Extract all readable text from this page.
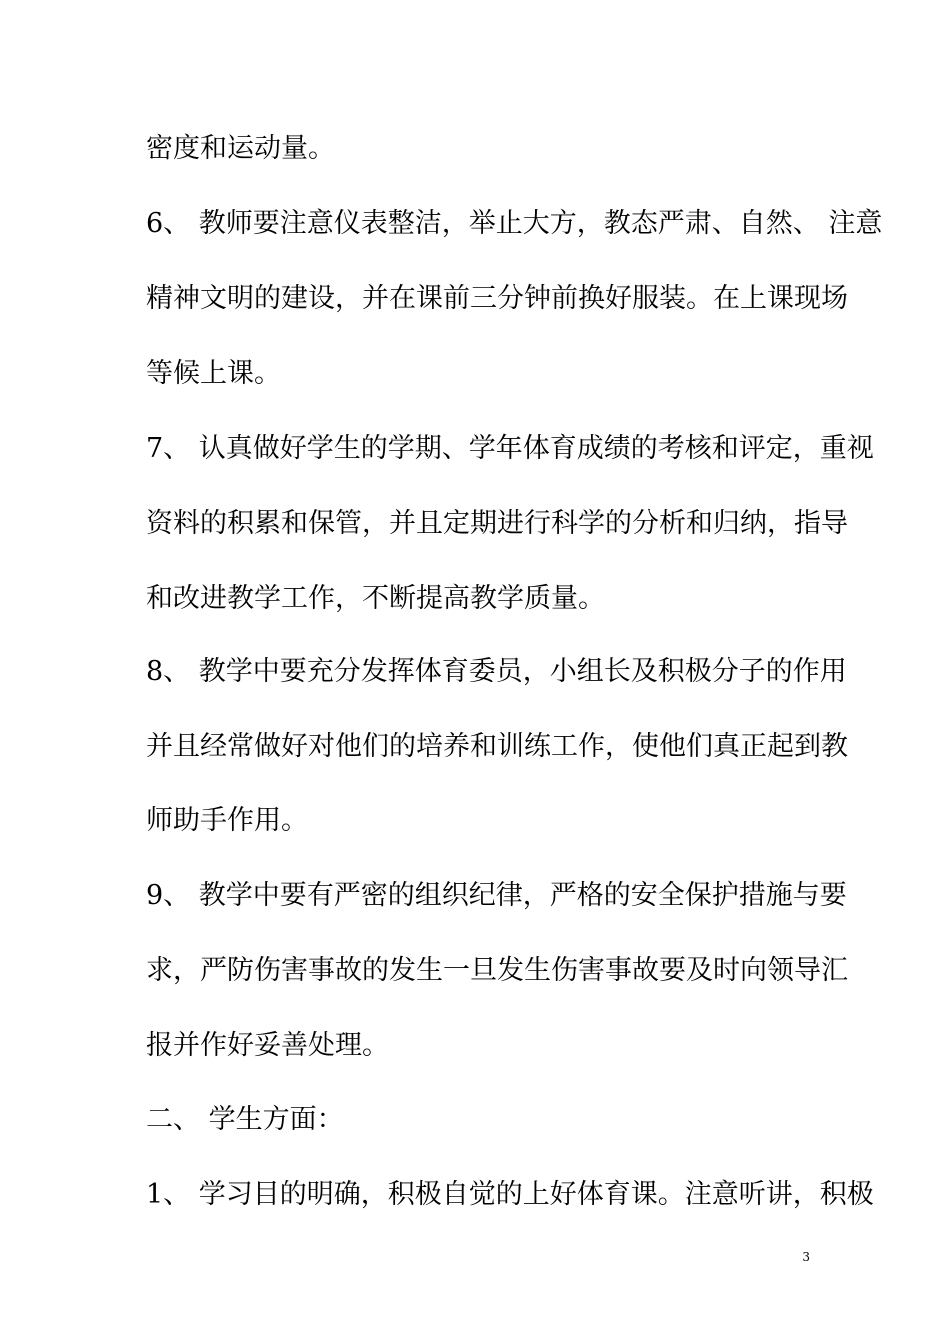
密度和运动量。
6、 教师要注意仪表整洁，举止大方，教态严肃、自然、 注意
精神文明的建设，并在课前三分钟前换好服装。在上课现场
等候上课。
7、 认真做好学生的学期、学年体育成绩的考核和评定，重视
资料的积累和保管，并且定期进行科学的分析和归纳，指导
和改进教学工作，不断提高教学质量。
8、 教学中要充分发挥体育委员，小组长及积极分子的作用
并且经常做好对他们的培养和训练工作，使他们真正起到教
师助手作用。
9、 教学中要有严密的组织纪律，严格的安全保护措施与要
求，严防伤害事故的发生一旦发生伤害事故要及时向领导汇
报并作好妥善处理。
二、 学生方面：
1、 学习目的明确，积极自觉的上好体育课。注意听讲，积极
3
